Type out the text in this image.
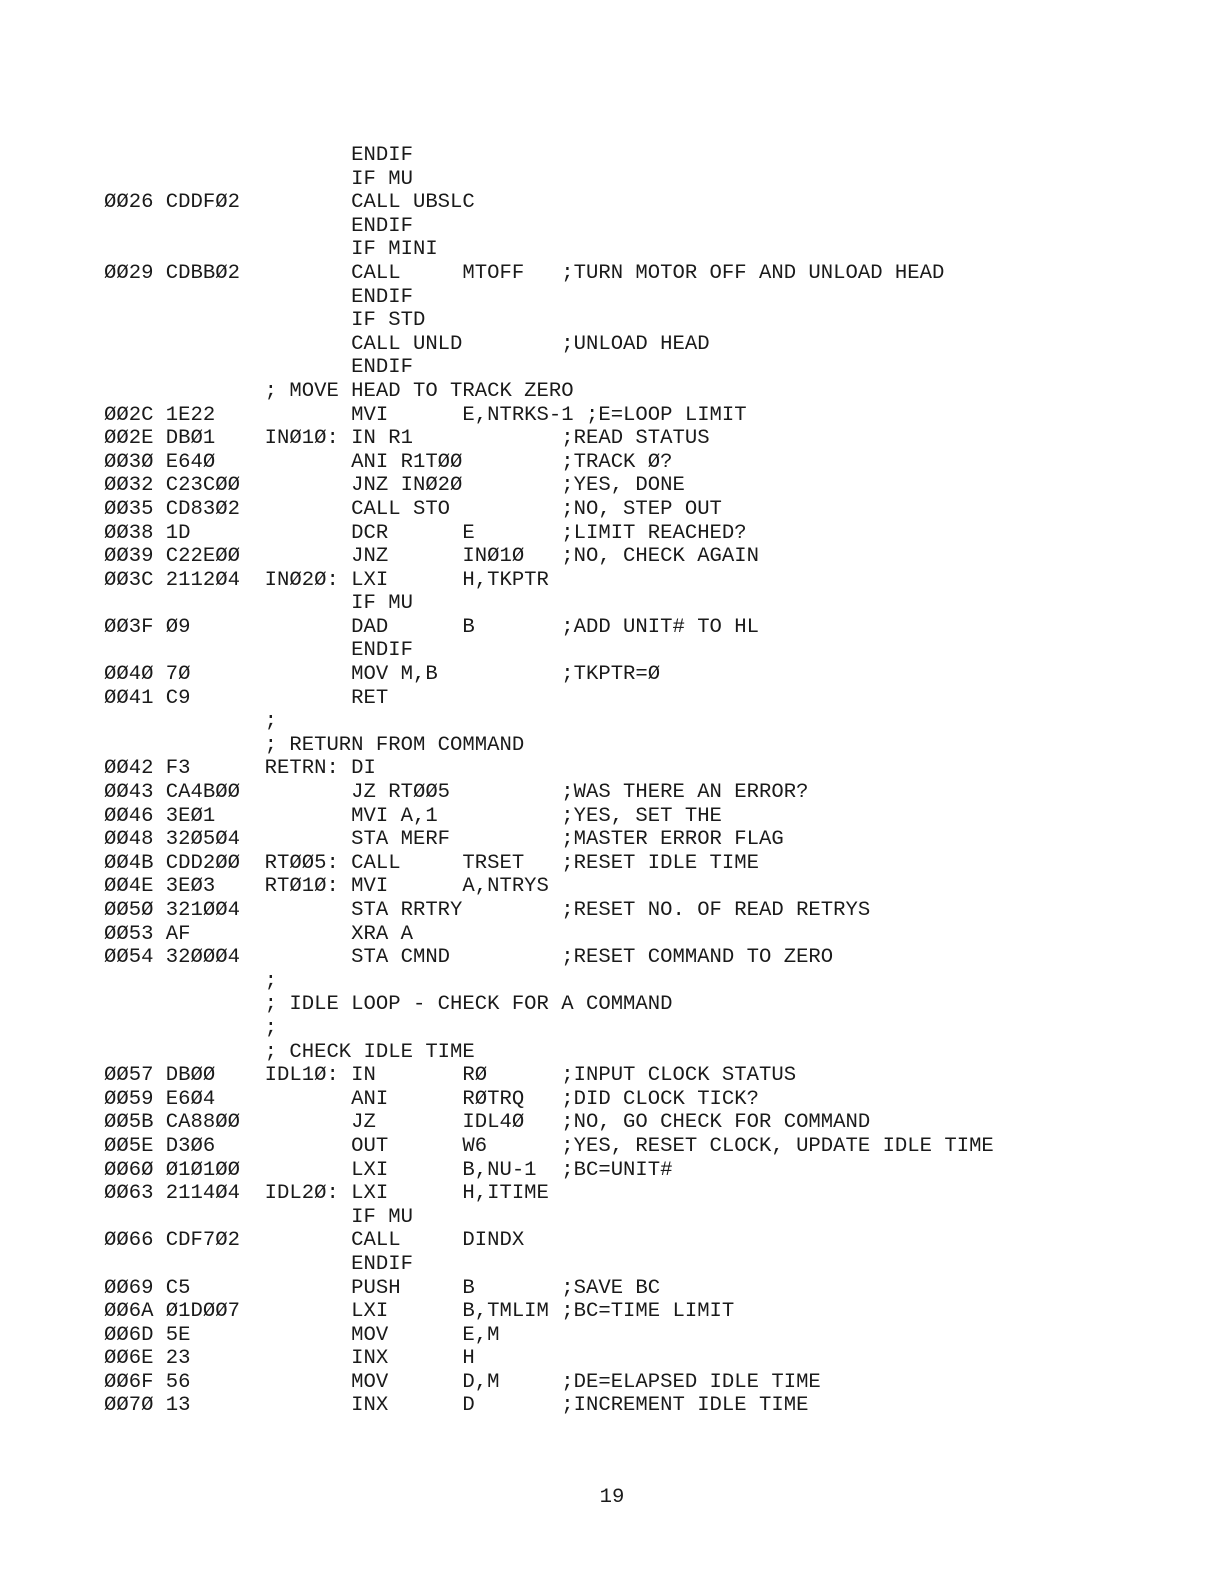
ENDIF
IF MU
ØØ26 CDDFØ2         CALL UBSLC
ENDIF
IF MINI
ØØ29 CDBBØ2         CALL     MTOFF   ;TURN MOTOR OFF AND UNLOAD HEAD
ENDIF
IF STD
CALL UNLD        ;UNLOAD HEAD
ENDIF
; MOVE HEAD TO TRACK ZERO
ØØ2C 1E22           MVI      E,NTRKS-1 ;E=LOOP LIMIT
ØØ2E DBØ1    INØ1Ø: IN R1            ;READ STATUS
ØØ3Ø E64Ø           ANI R1TØØ        ;TRACK Ø?
ØØ32 C23CØØ         JNZ INØ2Ø        ;YES, DONE
ØØ35 CD83Ø2         CALL STO         ;NO, STEP OUT
ØØ38 1D             DCR      E       ;LIMIT REACHED?
ØØ39 C22EØØ         JNZ      INØ1Ø   ;NO, CHECK AGAIN
ØØ3C 2112Ø4  INØ2Ø: LXI      H,TKPTR
IF MU
ØØ3F Ø9             DAD      B       ;ADD UNIT# TO HL
ENDIF
ØØ4Ø 7Ø             MOV M,B          ;TKPTR=Ø
ØØ41 C9             RET
;
; RETURN FROM COMMAND
ØØ42 F3      RETRN: DI
ØØ43 CA4BØØ         JZ RTØØ5         ;WAS THERE AN ERROR?
ØØ46 3EØ1           MVI A,1          ;YES, SET THE
ØØ48 32Ø5Ø4         STA MERF         ;MASTER ERROR FLAG
ØØ4B CDD2ØØ  RTØØ5: CALL     TRSET   ;RESET IDLE TIME
ØØ4E 3EØ3    RTØ1Ø: MVI      A,NTRYS
ØØ5Ø 321ØØ4         STA RRTRY        ;RESET NO. OF READ RETRYS
ØØ53 AF             XRA A
ØØ54 32ØØØ4         STA CMND         ;RESET COMMAND TO ZERO
;
; IDLE LOOP - CHECK FOR A COMMAND
;
; CHECK IDLE TIME
ØØ57 DBØØ    IDL1Ø: IN       RØ      ;INPUT CLOCK STATUS
ØØ59 E6Ø4           ANI      RØTRQ   ;DID CLOCK TICK?
ØØ5B CA88ØØ         JZ       IDL4Ø   ;NO, GO CHECK FOR COMMAND
ØØ5E D3Ø6           OUT      W6      ;YES, RESET CLOCK, UPDATE IDLE TIME
ØØ6Ø Ø1Ø1ØØ         LXI      B,NU-1  ;BC=UNIT#
ØØ63 2114Ø4  IDL2Ø: LXI      H,ITIME
IF MU
ØØ66 CDF7Ø2         CALL     DINDX
ENDIF
ØØ69 C5             PUSH     B       ;SAVE BC
ØØ6A Ø1DØØ7         LXI      B,TMLIM ;BC=TIME LIMIT
ØØ6D 5E             MOV      E,M
ØØ6E 23             INX      H
ØØ6F 56             MOV      D,M     ;DE=ELAPSED IDLE TIME
ØØ7Ø 13             INX      D       ;INCREMENT IDLE TIME
19
